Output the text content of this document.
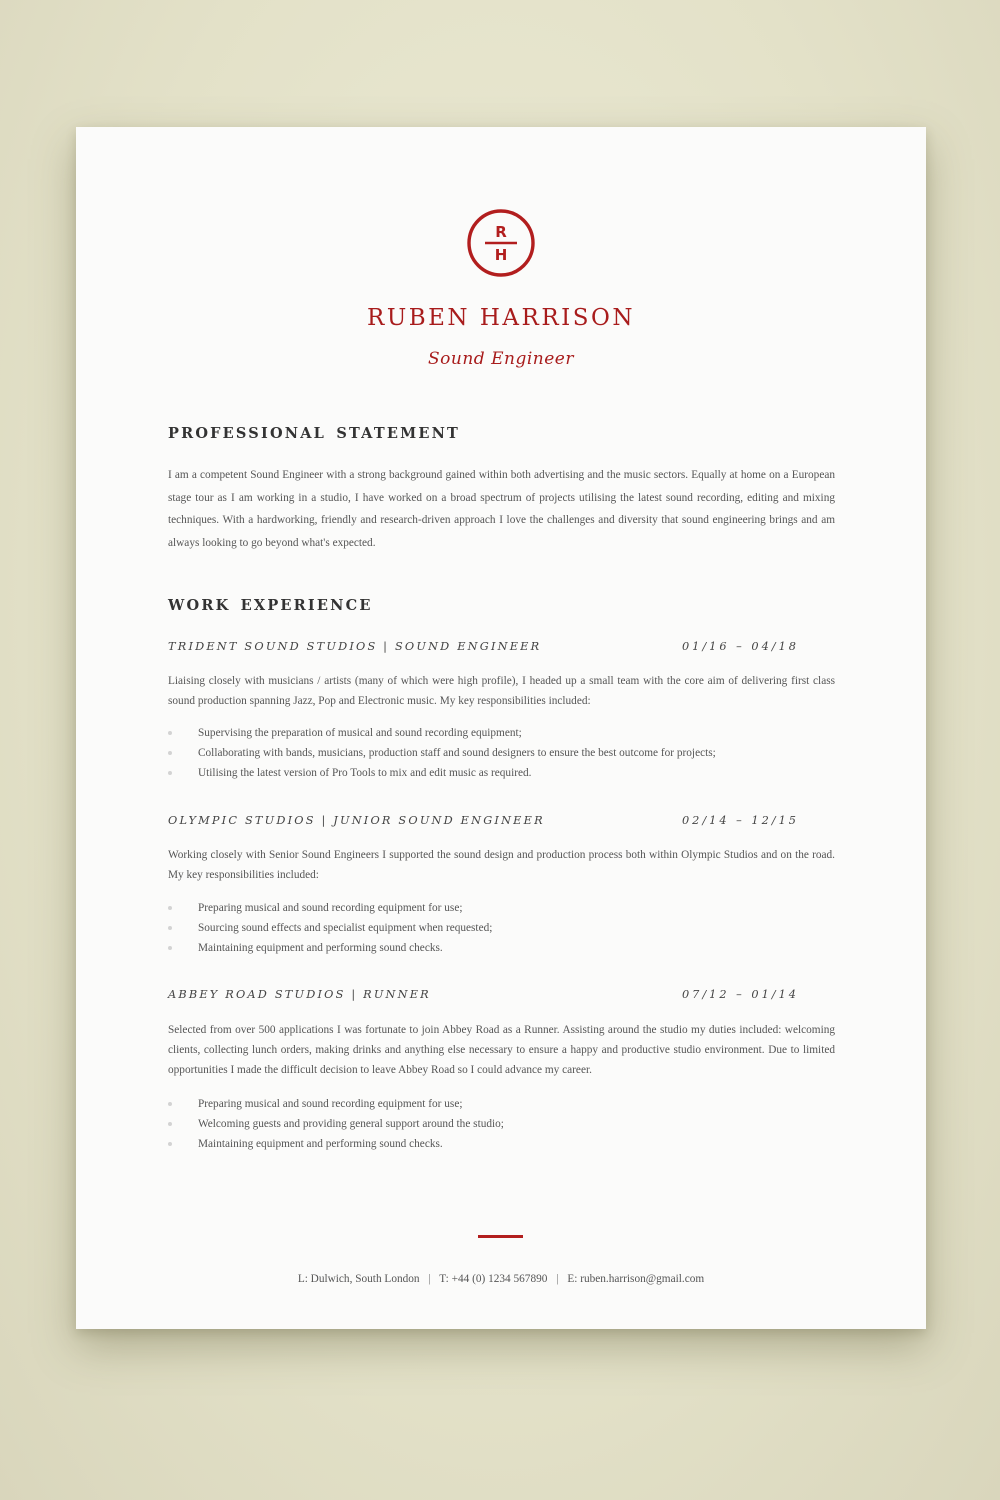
R
H
RUBEN HARRISON
Sound Engineer
PROFESSIONAL STATEMENT
I am a competent Sound Engineer with a strong background gained within both advertising and the music sectors. Equally at home on a European stage tour as I am working in a studio, I have worked on a broad spectrum of projects utilising the latest sound recording, editing and mixing techniques. With a hardworking, friendly and research-driven approach I love the challenges and diversity that sound engineering brings and am always looking to go beyond what's expected.
WORK EXPERIENCE
TRIDENT SOUND STUDIOS | SOUND ENGINEER	01/16 – 04/18
Liaising closely with musicians / artists (many of which were high profile), I headed up a small team with the core aim of delivering first class sound production spanning Jazz, Pop and Electronic music. My key responsibilities included:
Supervising the preparation of musical and sound recording equipment;
Collaborating with bands, musicians, production staff and sound designers to ensure the best outcome for projects;
Utilising the latest version of Pro Tools to mix and edit music as required.
OLYMPIC STUDIOS | JUNIOR SOUND ENGINEER	02/14 – 12/15
Working closely with Senior Sound Engineers I supported the sound design and production process both within Olympic Studios and on the road. My key responsibilities included:
Preparing musical and sound recording equipment for use;
Sourcing sound effects and specialist equipment when requested;
Maintaining equipment and performing sound checks.
ABBEY ROAD STUDIOS | RUNNER	07/12 – 01/14
Selected from over 500 applications I was fortunate to join Abbey Road as a Runner. Assisting around the studio my duties included: welcoming clients, collecting lunch orders, making drinks and anything else necessary to ensure a happy and productive studio environment. Due to limited opportunities I made the difficult decision to leave Abbey Road so I could advance my career.
Preparing musical and sound recording equipment for use;
Welcoming guests and providing general support around the studio;
Maintaining equipment and performing sound checks.
L: Dulwich, South London | T: +44 (0) 1234 567890 | E: ruben.harrison@gmail.com
